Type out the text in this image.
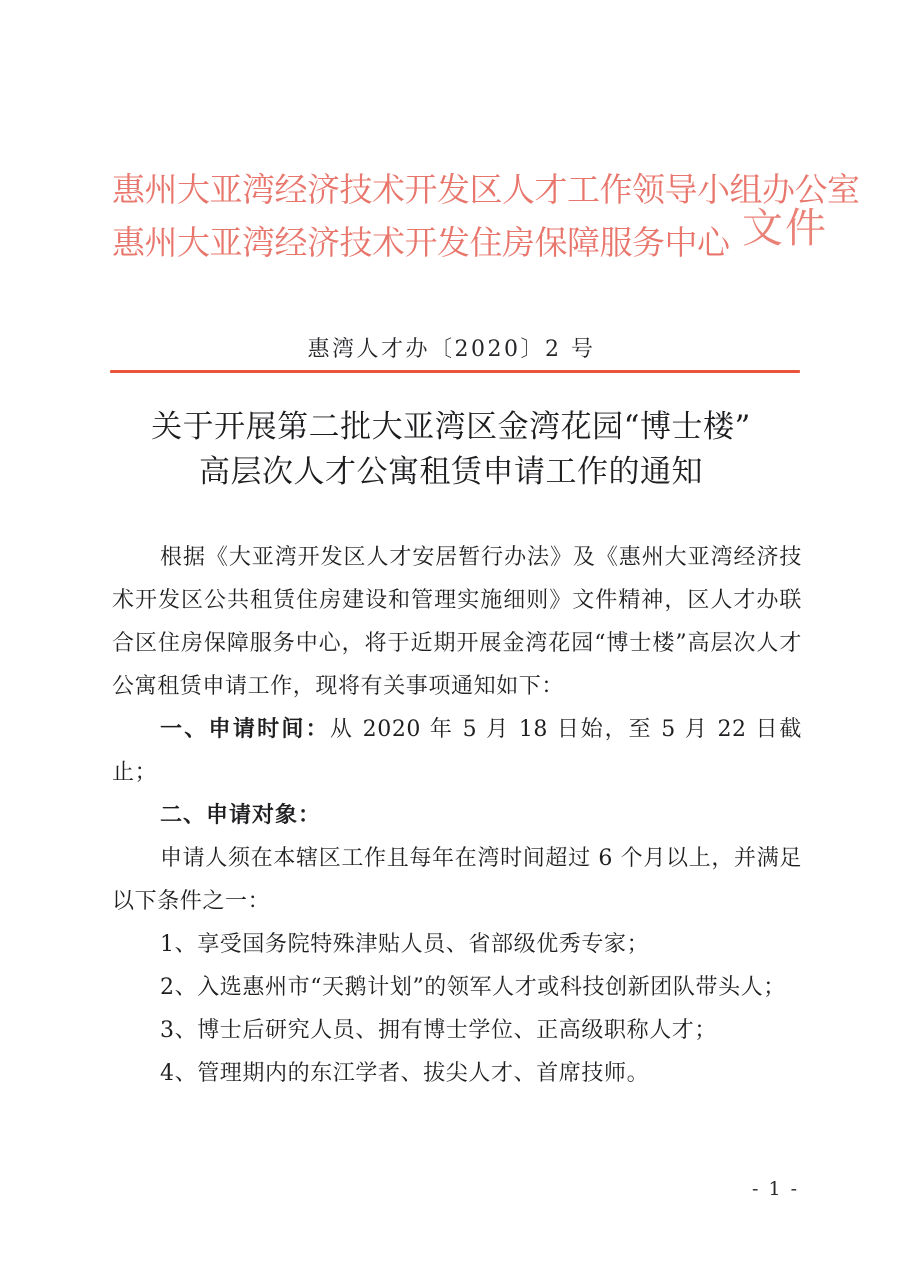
惠州大亚湾经济技术开发区人才工作领导小组办公室
惠州大亚湾经济技术开发住房保障服务中心 文件
惠湾人才办〔2020〕2 号
关于开展第二批大亚湾区金湾花园“博士楼”
高层次人才公寓租赁申请工作的通知

根据《大亚湾开发区人才安居暂行办法》及《惠州大亚湾经济技术开发区公共租赁住房建设和管理实施细则》文件精神，区人才办联合区住房保障服务中心，将于近期开展金湾花园“博士楼”高层次人才公寓租赁申请工作，现将有关事项通知如下：

一、申请时间：从 2020 年 5 月 18 日始，至 5 月 22 日截止；

二、申请对象：

申请人须在本辖区工作且每年在湾时间超过 6 个月以上，并满足以下条件之一：

1、享受国务院特殊津贴人员、省部级优秀专家；

2、入选惠州市“天鹅计划”的领军人才或科技创新团队带头人；

3、博士后研究人员、拥有博士学位、正高级职称人才；

4、管理期内的东江学者、拔尖人才、首席技师。

- 1 -
